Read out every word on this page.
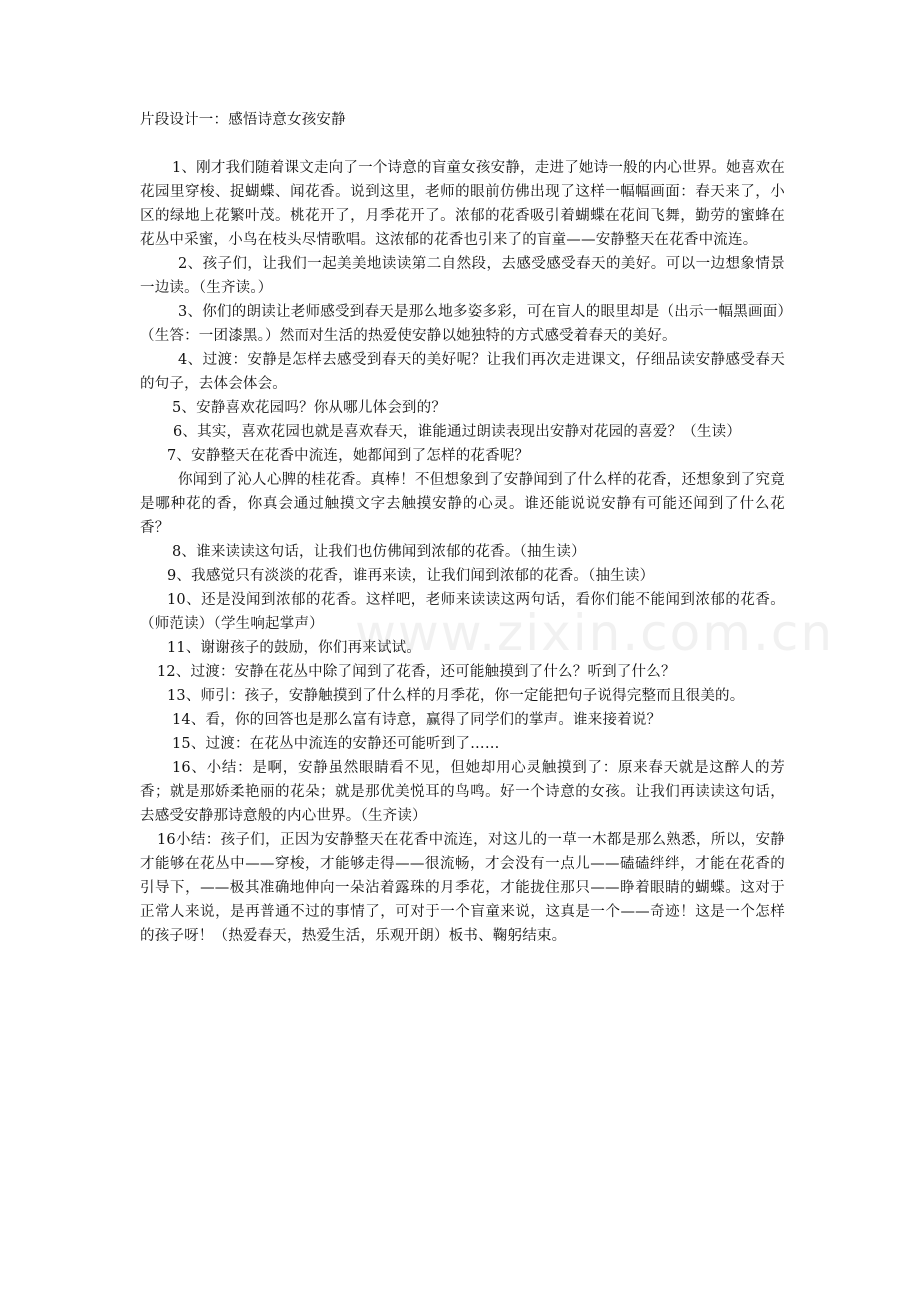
片段设计一：感悟诗意女孩安静

1、刚才我们随着课文走向了一个诗意的盲童女孩安静，走进了她诗一般的内心世界。她喜欢在花园里穿梭、捉蝴蝶、闻花香。说到这里，老师的眼前仿佛出现了这样一幅幅画面：春天来了，小区的绿地上花繁叶茂。桃花开了，月季花开了。浓郁的花香吸引着蝴蝶在花间飞舞，勤劳的蜜蜂在花丛中采蜜，小鸟在枝头尽情歌唱。这浓郁的花香也引来了的盲童——安静整天在花香中流连。

2、孩子们，让我们一起美美地读读第二自然段，去感受感受春天的美好。可以一边想象情景一边读。（生齐读。）

3、你们的朗读让老师感受到春天是那么地多姿多彩，可在盲人的眼里却是（出示一幅黑画面）（生答：一团漆黑。）然而对生活的热爱使安静以她独特的方式感受着春天的美好。

4、过渡：安静是怎样去感受到春天的美好呢？让我们再次走进课文，仔细品读安静感受春天的句子，去体会体会。

5、安静喜欢花园吗？你从哪儿体会到的？

6、其实，喜欢花园也就是喜欢春天，谁能通过朗读表现出安静对花园的喜爱？（生读）

7、安静整天在花香中流连，她都闻到了怎样的花香呢？

你闻到了沁人心脾的桂花香。真棒！不但想象到了安静闻到了什么样的花香，还想象到了究竟是哪种花的香，你真会通过触摸文字去触摸安静的心灵。谁还能说说安静有可能还闻到了什么花香？

8、谁来读读这句话，让我们也仿佛闻到浓郁的花香。（抽生读）

9、我感觉只有淡淡的花香，谁再来读，让我们闻到浓郁的花香。（抽生读）

10、还是没闻到浓郁的花香。这样吧，老师来读读这两句话，看你们能不能闻到浓郁的花香。（师范读）（学生响起掌声）

11、谢谢孩子的鼓励，你们再来试试。

12、过渡：安静在花丛中除了闻到了花香，还可能触摸到了什么？听到了什么？

13、师引：孩子，安静触摸到了什么样的月季花，你一定能把句子说得完整而且很美的。

14、看，你的回答也是那么富有诗意，赢得了同学们的掌声。谁来接着说？

15、过渡：在花丛中流连的安静还可能听到了……

16、小结：是啊，安静虽然眼睛看不见，但她却用心灵触摸到了：原来春天就是这醉人的芳香；就是那娇柔艳丽的花朵；就是那优美悦耳的鸟鸣。好一个诗意的女孩。让我们再读读这句话，去感受安静那诗意般的内心世界。（生齐读）

16小结：孩子们，正因为安静整天在花香中流连，对这儿的一草一木都是那么熟悉，所以，安静才能够在花丛中——穿梭，才能够走得——很流畅，才会没有一点儿——磕磕绊绊，才能在花香的引导下，——极其准确地伸向一朵沾着露珠的月季花，才能拢住那只——睁着眼睛的蝴蝶。这对于正常人来说，是再普通不过的事情了，可对于一个盲童来说，这真是一个——奇迹！这是一个怎样的孩子呀！（热爱春天，热爱生活，乐观开朗）板书、鞠躬结束。

www.zixin.com.cn
